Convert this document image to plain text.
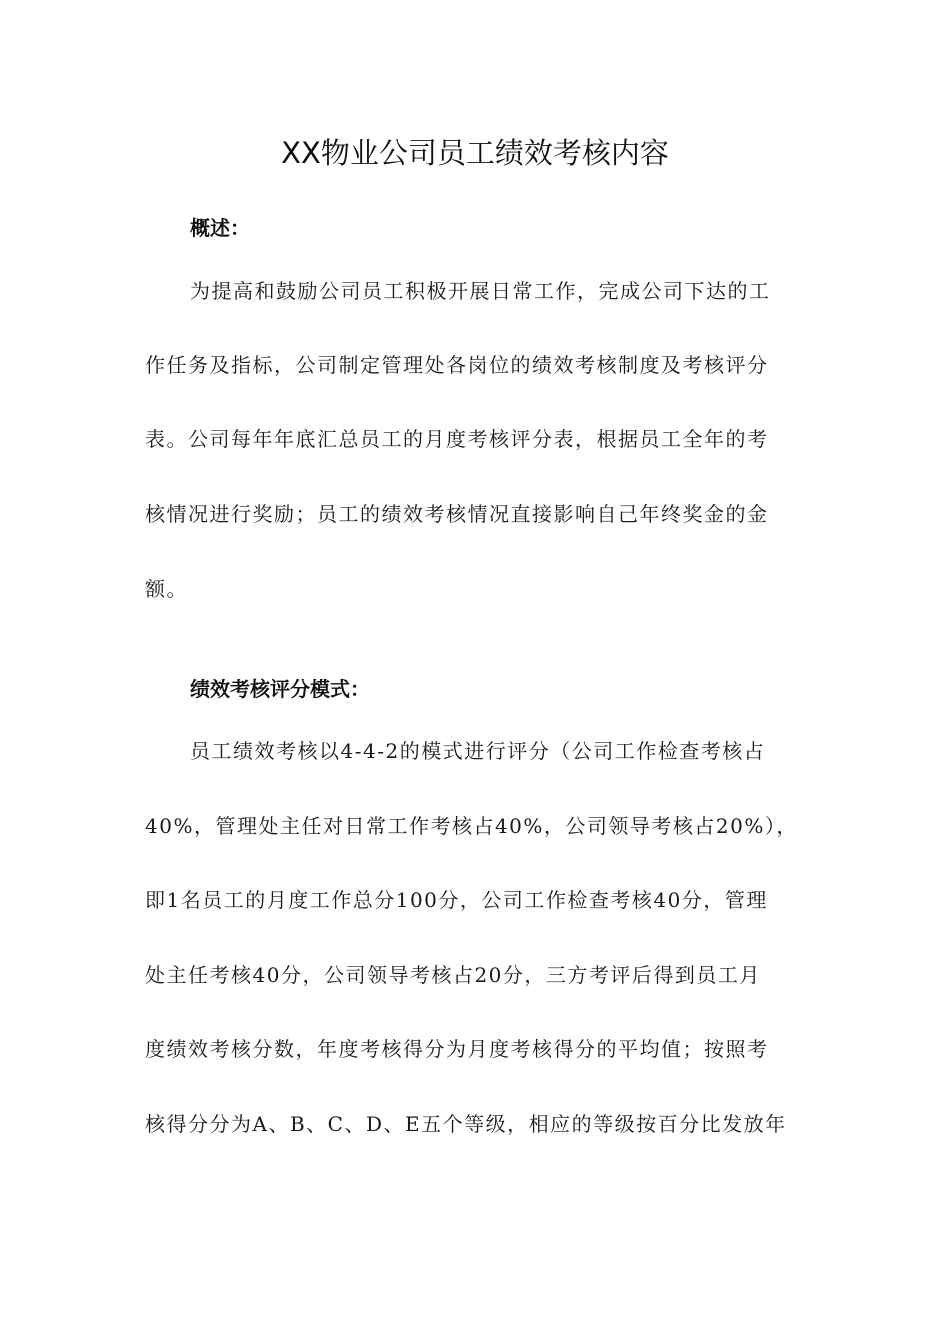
XX物业公司员工绩效考核内容
概述：
为提高和鼓励公司员工积极开展日常工作，完成公司下达的工
作任务及指标，公司制定管理处各岗位的绩效考核制度及考核评分
表。公司每年年底汇总员工的月度考核评分表，根据员工全年的考
核情况进行奖励；员工的绩效考核情况直接影响自己年终奖金的金
额。
绩效考核评分模式：
员工绩效考核以4-4-2的模式进行评分（公司工作检查考核占
40%，管理处主任对日常工作考核占40%，公司领导考核占20%），
即1名员工的月度工作总分100分，公司工作检查考核40分，管理
处主任考核40分，公司领导考核占20分，三方考评后得到员工月
度绩效考核分数，年度考核得分为月度考核得分的平均值；按照考
核得分分为A、B、C、D、E五个等级，相应的等级按百分比发放年
